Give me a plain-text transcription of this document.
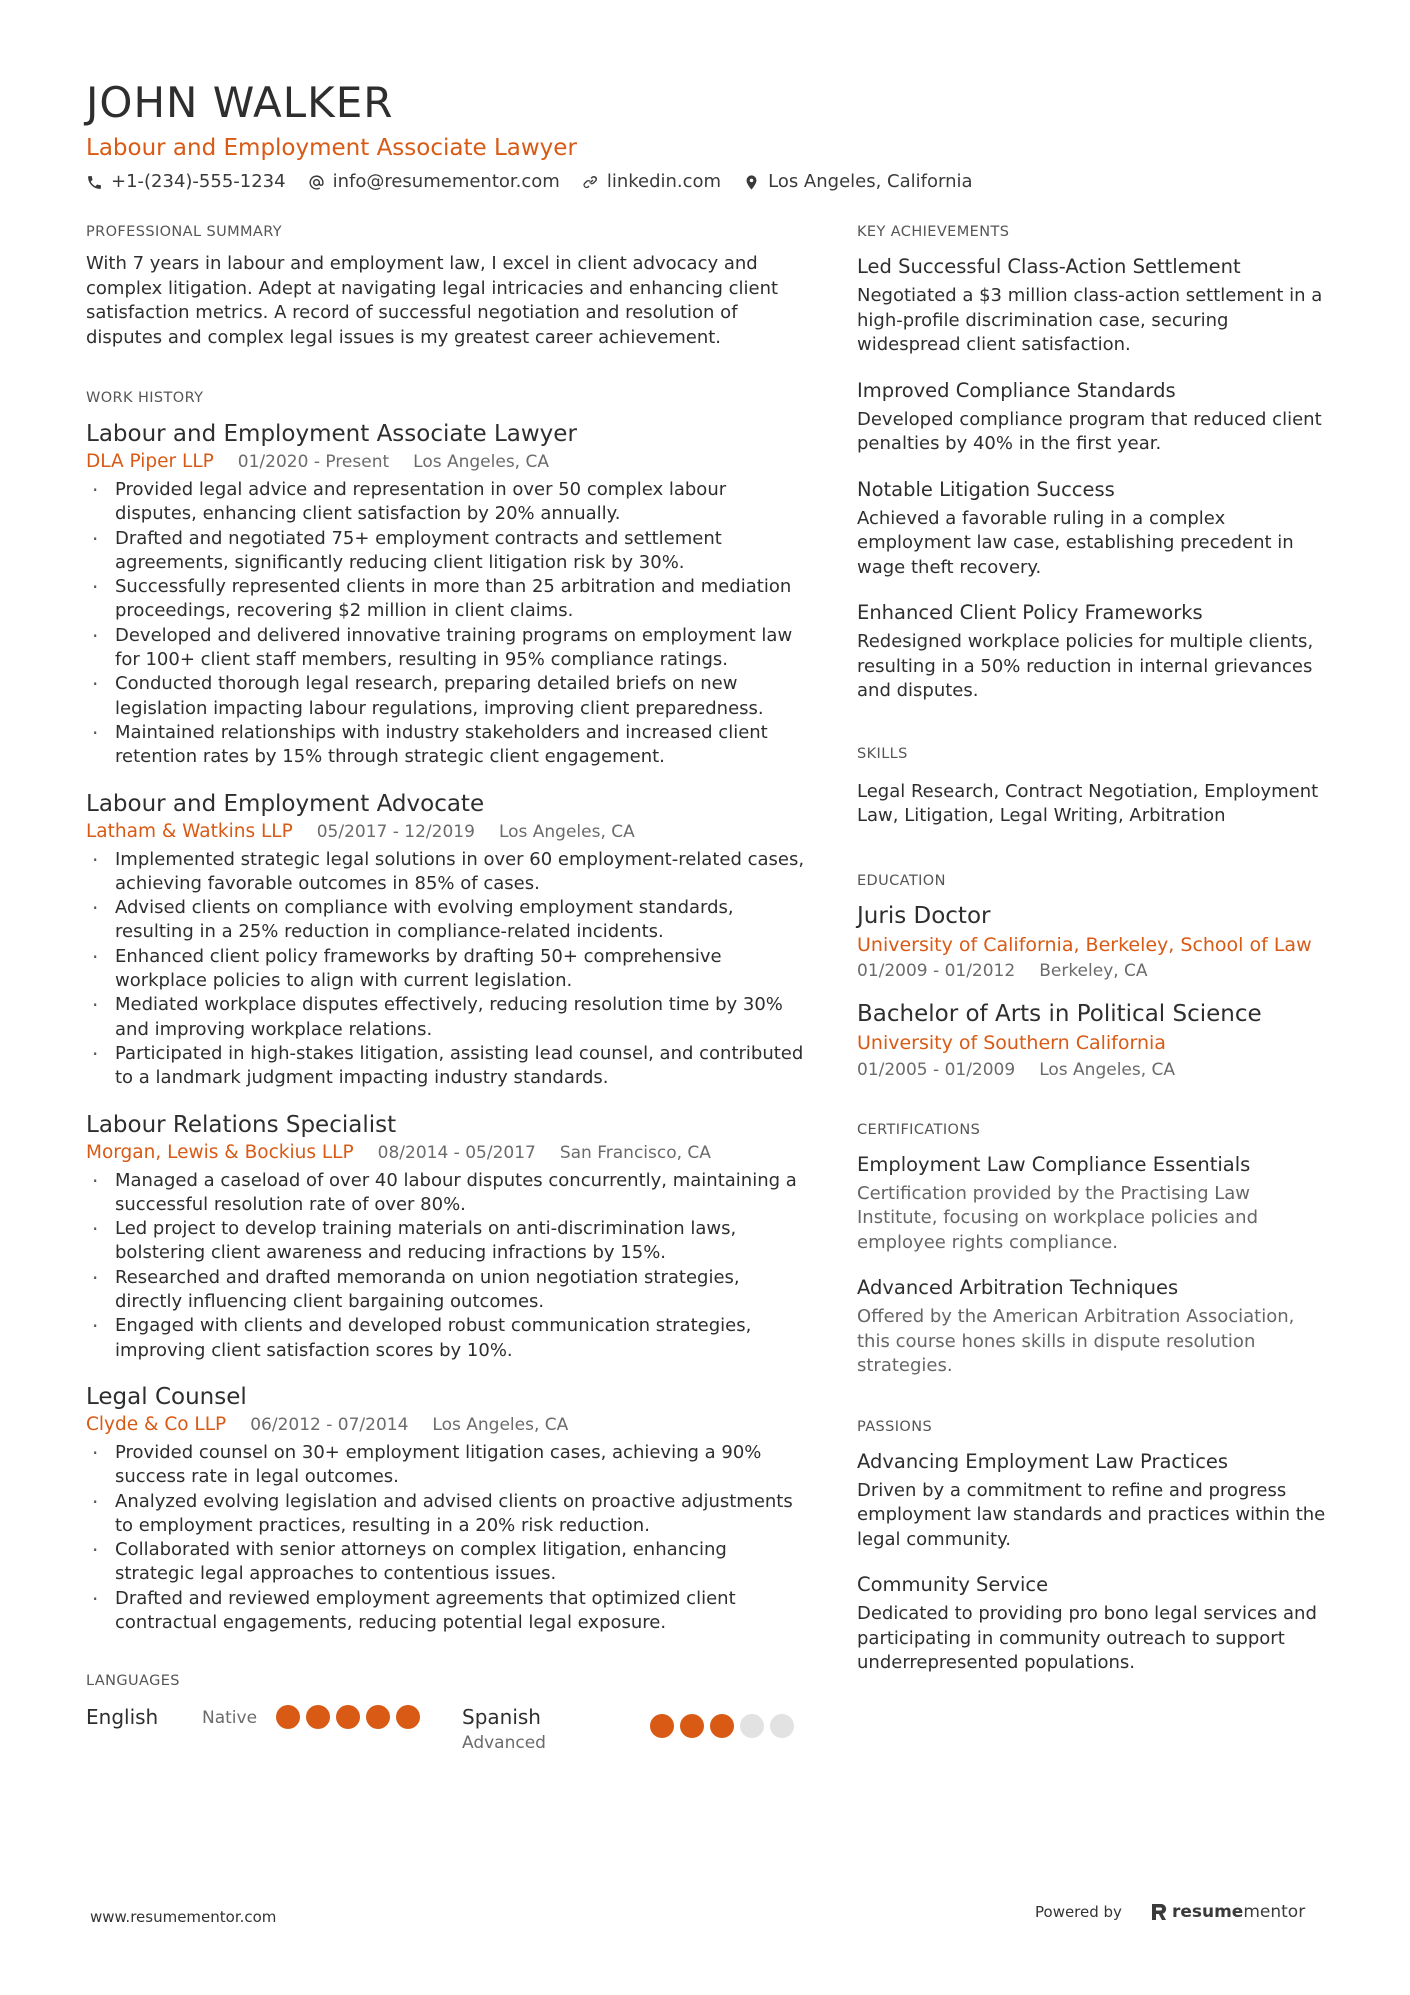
JOHN WALKER
Labour and Employment Associate Lawyer
+1-(234)-555-1234	info@resumementor.com	linkedin.com	Los Angeles, California
PROFESSIONAL SUMMARY

With 7 years in labour and employment law, I excel in client advocacy and complex litigation. Adept at navigating legal intricacies and enhancing client satisfaction metrics. A record of successful negotiation and resolution of disputes and complex legal issues is my greatest career achievement.

WORK HISTORY
Labour and Employment Associate Lawyer
DLA Piper LLP 01/2020 - Present Los Angeles, CA
· Provided legal advice and representation in over 50 complex labour disputes, enhancing client satisfaction by 20% annually.
· Drafted and negotiated 75+ employment contracts and settlement agreements, significantly reducing client litigation risk by 30%.
· Successfully represented clients in more than 25 arbitration and mediation proceedings, recovering $2 million in client claims.
· Developed and delivered innovative training programs on employment law for 100+ client staff members, resulting in 95% compliance ratings.
· Conducted thorough legal research, preparing detailed briefs on new legislation impacting labour regulations, improving client preparedness.
· Maintained relationships with industry stakeholders and increased client retention rates by 15% through strategic client engagement.
Labour and Employment Advocate
Latham & Watkins LLP 05/2017 - 12/2019 Los Angeles, CA
· Implemented strategic legal solutions in over 60 employment-related cases, achieving favorable outcomes in 85% of cases.
· Advised clients on compliance with evolving employment standards, resulting in a 25% reduction in compliance-related incidents.
· Enhanced client policy frameworks by drafting 50+ comprehensive workplace policies to align with current legislation.
· Mediated workplace disputes effectively, reducing resolution time by 30% and improving workplace relations.
· Participated in high-stakes litigation, assisting lead counsel, and contributed to a landmark judgment impacting industry standards.
Labour Relations Specialist
Morgan, Lewis & Bockius LLP 08/2014 - 05/2017 San Francisco, CA
· Managed a caseload of over 40 labour disputes concurrently, maintaining a successful resolution rate of over 80%.
· Led project to develop training materials on anti-discrimination laws, bolstering client awareness and reducing infractions by 15%.
· Researched and drafted memoranda on union negotiation strategies, directly influencing client bargaining outcomes.
· Engaged with clients and developed robust communication strategies, improving client satisfaction scores by 10%.
Legal Counsel
Clyde & Co LLP 06/2012 - 07/2014 Los Angeles, CA
· Provided counsel on 30+ employment litigation cases, achieving a 90% success rate in legal outcomes.
· Analyzed evolving legislation and advised clients on proactive adjustments to employment practices, resulting in a 20% risk reduction.
· Collaborated with senior attorneys on complex litigation, enhancing strategic legal approaches to contentious issues.
· Drafted and reviewed employment agreements that optimized client contractual engagements, reducing potential legal exposure.
LANGUAGES
English	Native	Spanish
Advanced
KEY ACHIEVEMENTS
Led Successful Class-Action Settlement
Negotiated a $3 million class-action settlement in a high-profile discrimination case, securing widespread client satisfaction.
Improved Compliance Standards
Developed compliance program that reduced client penalties by 40% in the first year.
Notable Litigation Success
Achieved a favorable ruling in a complex employment law case, establishing precedent in wage theft recovery.
Enhanced Client Policy Frameworks
Redesigned workplace policies for multiple clients, resulting in a 50% reduction in internal grievances and disputes.
SKILLS

Legal Research, Contract Negotiation, Employment Law, Litigation, Legal Writing, Arbitration

EDUCATION
Juris Doctor
University of California, Berkeley, School of Law
01/2009 - 01/2012 Berkeley, CA
Bachelor of Arts in Political Science
University of Southern California
01/2005 - 01/2009 Los Angeles, CA
CERTIFICATIONS
Employment Law Compliance Essentials
Certification provided by the Practising Law Institute, focusing on workplace policies and employee rights compliance.
Advanced Arbitration Techniques
Offered by the American Arbitration Association, this course hones skills in dispute resolution strategies.
PASSIONS
Advancing Employment Law Practices
Driven by a commitment to refine and progress employment law standards and practices within the legal community.
Community Service
Dedicated to providing pro bono legal services and participating in community outreach to support underrepresented populations.
www.resumementor.com	Powered by	resume mentor
